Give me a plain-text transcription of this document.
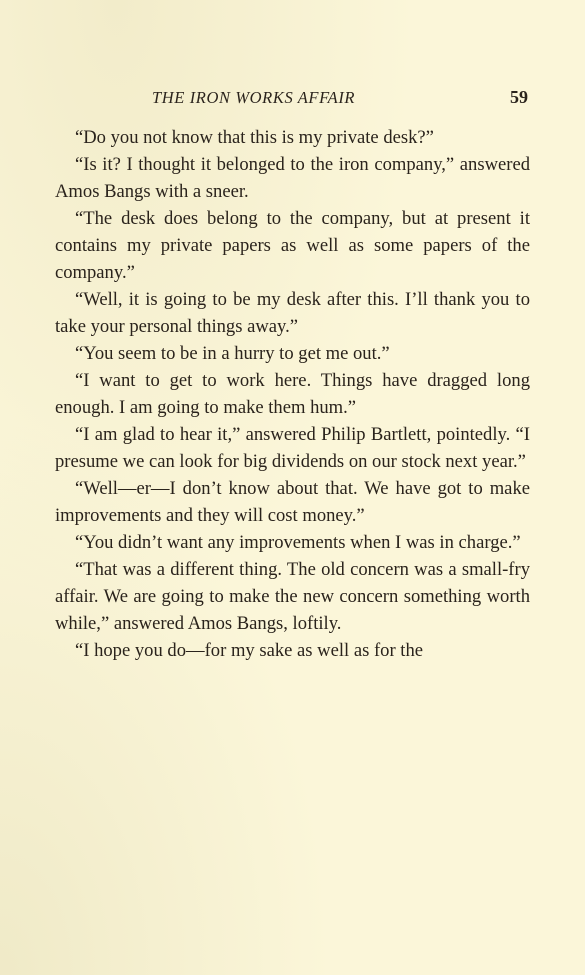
THE IRON WORKS AFFAIR	59

“Do you not know that this is my private desk?”

“Is it? I thought it belonged to the iron company,” answered Amos Bangs with a sneer.

“The desk does belong to the company, but at present it contains my private papers as well as some papers of the company.”

“Well, it is going to be my desk after this. I’ll thank you to take your personal things away.”

“You seem to be in a hurry to get me out.”

“I want to get to work here. Things have dragged long enough. I am going to make them hum.”

“I am glad to hear it,” answered Philip Bartlett, pointedly. “I presume we can look for big dividends on our stock next year.”

“Well—er—I don’t know about that. We have got to make improvements and they will cost money.”

“You didn’t want any improvements when I was in charge.”

“That was a different thing. The old concern was a small-fry affair. We are going to make the new concern something worth while,” answered Amos Bangs, loftily.

“I hope you do—for my sake as well as for the
